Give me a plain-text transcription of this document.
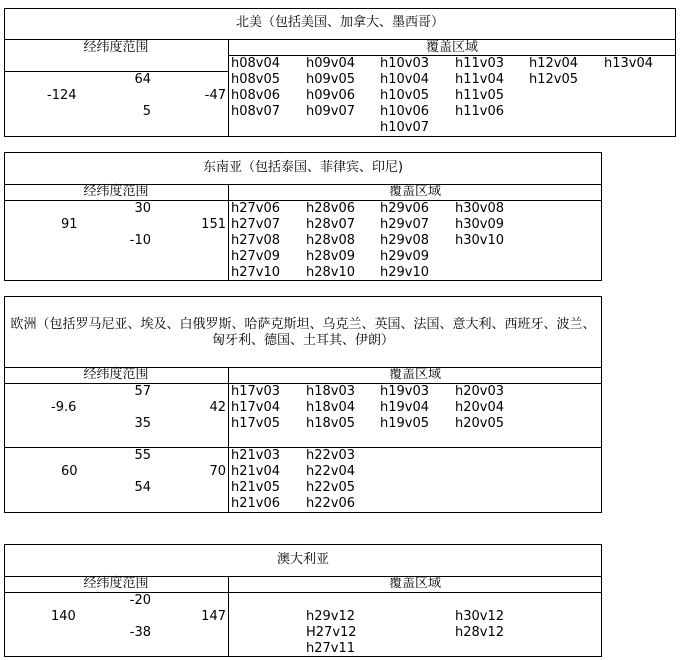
北美（包括美国、加拿大、墨西哥）
经纬度范围	覆盖区域
64
-124	-47
5
h08v04 h09v04 h10v03 h11v03 h12v04 h13v04
h08v05 h09v05 h10v04 h11v04 h12v05
h08v06 h09v06 h10v05 h11v05
h08v07 h09v07 h10v06 h11v06
h10v07
东南亚（包括泰国、菲律宾、印尼)
经纬度范围	覆盖区域
30
91	151
-10
h27v06 h28v06 h29v06 h30v08
h27v07 h28v07 h29v07 h30v09
h27v08 h28v08 h29v08 h30v10
h27v09 h28v09 h29v09
h27v10 h28v10 h29v10
欧洲（包括罗马尼亚、埃及、白俄罗斯、哈萨克斯坦、乌克兰、英国、法国、意大利、西班牙、波兰、
匈牙利、德国、土耳其、伊朗）
经纬度范围	覆盖区域
57
-9.6	42
35
h17v03 h18v03 h19v03 h20v03
h17v04 h18v04 h19v04 h20v04
h17v05 h18v05 h19v05 h20v05
55
60	70
54
h21v03 h22v03
h21v04 h22v04
h21v05 h22v05
h21v06 h22v06
澳大利亚
经纬度范围	覆盖区域
-20
140	147
-38
h29v12	h30v12
H27v12	h28v12
h27v11
